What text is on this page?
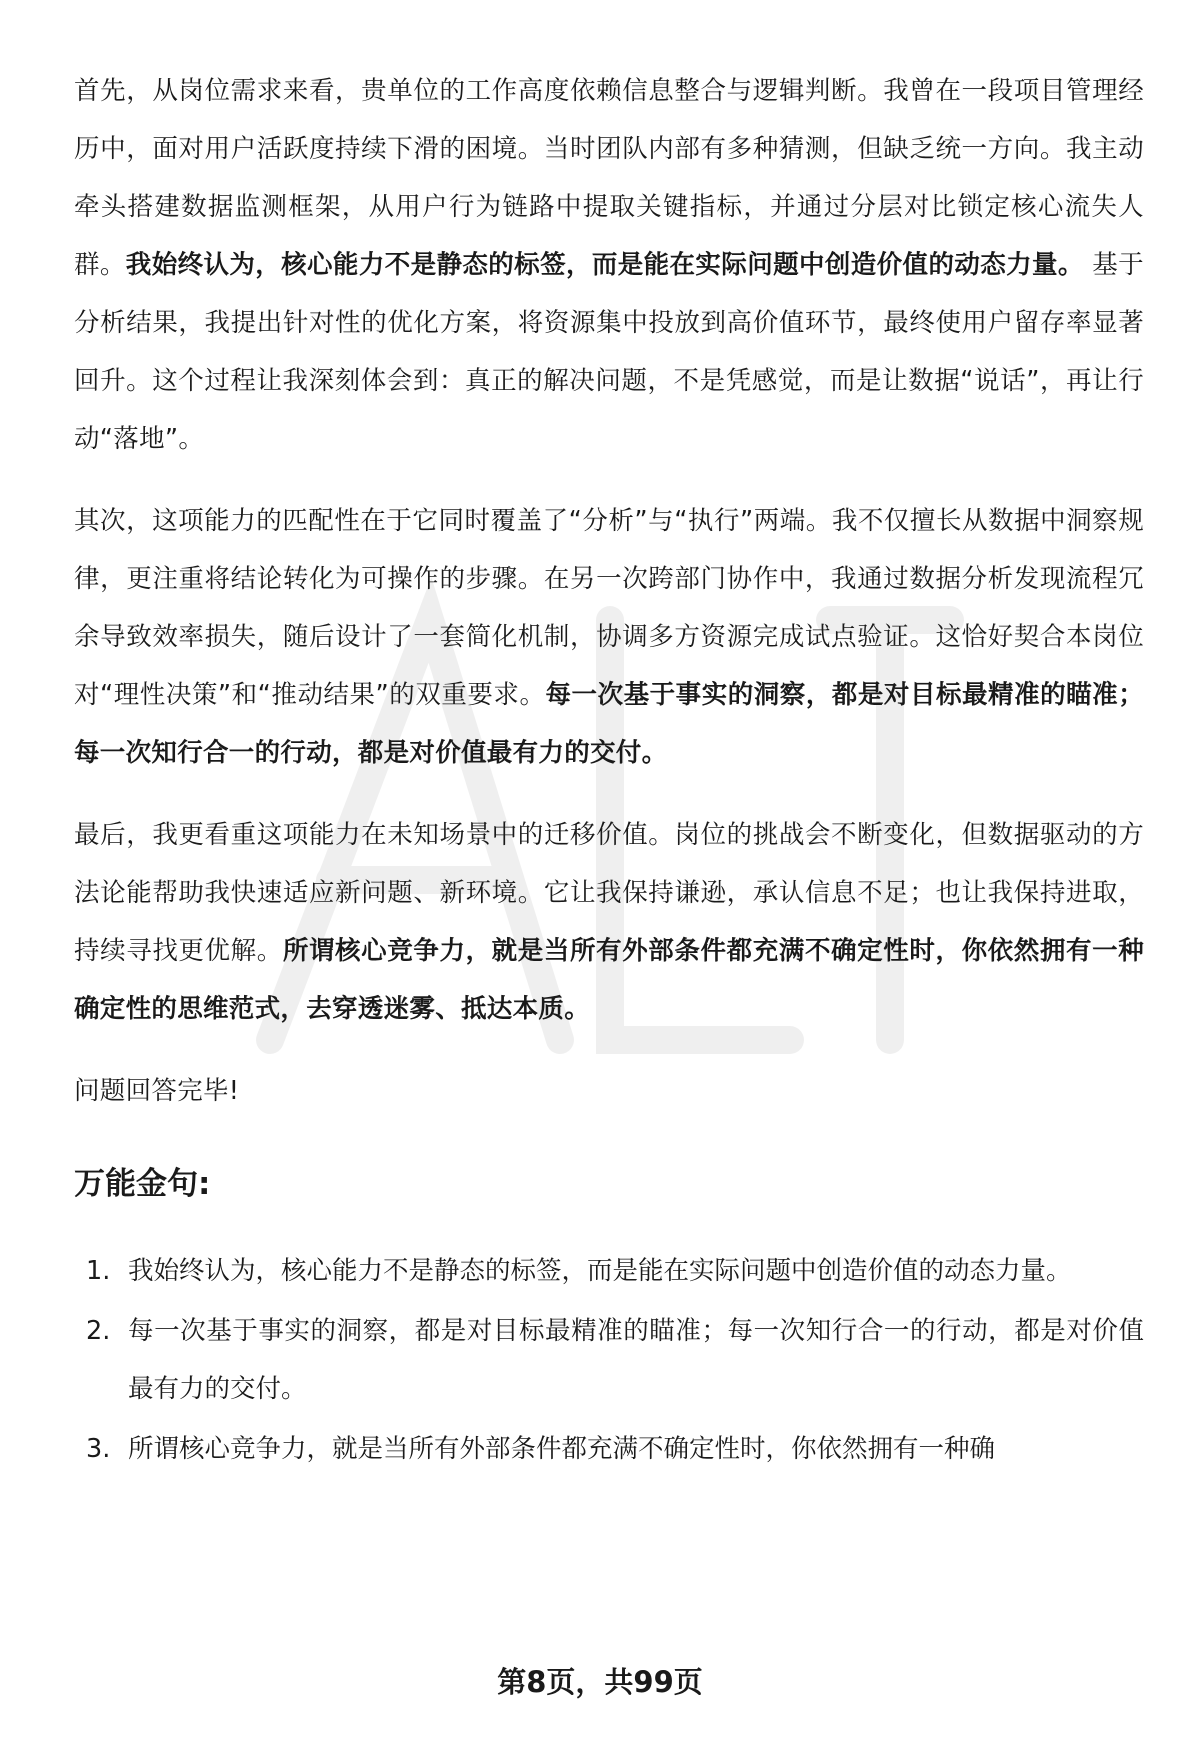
首先，从岗位需求来看，贵单位的工作高度依赖信息整合与逻辑判断。我曾在一段项目管理经历中，面对用户活跃度持续下滑的困境。当时团队内部有多种猜测，但缺乏统一方向。我主动牵头搭建数据监测框架，从用户行为链路中提取关键指标，并通过分层对比锁定核心流失人群。我始终认为，核心能力不是静态的标签，而是能在实际问题中创造价值的动态力量。 基于分析结果，我提出针对性的优化方案，将资源集中投放到高价值环节，最终使用户留存率显著回升。这个过程让我深刻体会到：真正的解决问题，不是凭感觉，而是让数据“说话”，再让行动“落地”。

其次，这项能力的匹配性在于它同时覆盖了“分析”与“执行”两端。我不仅擅长从数据中洞察规律，更注重将结论转化为可操作的步骤。在另一次跨部门协作中，我通过数据分析发现流程冗余导致效率损失，随后设计了一套简化机制，协调多方资源完成试点验证。这恰好契合本岗位对“理性决策”和“推动结果”的双重要求。每一次基于事实的洞察，都是对目标最精准的瞄准；每一次知行合一的行动，都是对价值最有力的交付。

最后，我更看重这项能力在未知场景中的迁移价值。岗位的挑战会不断变化，但数据驱动的方法论能帮助我快速适应新问题、新环境。它让我保持谦逊，承认信息不足；也让我保持进取，持续寻找更优解。所谓核心竞争力，就是当所有外部条件都充满不确定性时，你依然拥有一种确定性的思维范式，去穿透迷雾、抵达本质。

问题回答完毕!

万能金句:
1. 我始终认为，核心能力不是静态的标签，而是能在实际问题中创造价值的动态力量。
2. 每一次基于事实的洞察，都是对目标最精准的瞄准；每一次知行合一的行动，都是对价值最有力的交付。
3. 所谓核心竞争力，就是当所有外部条件都充满不确定性时，你依然拥有一种确
第8页，共99页
